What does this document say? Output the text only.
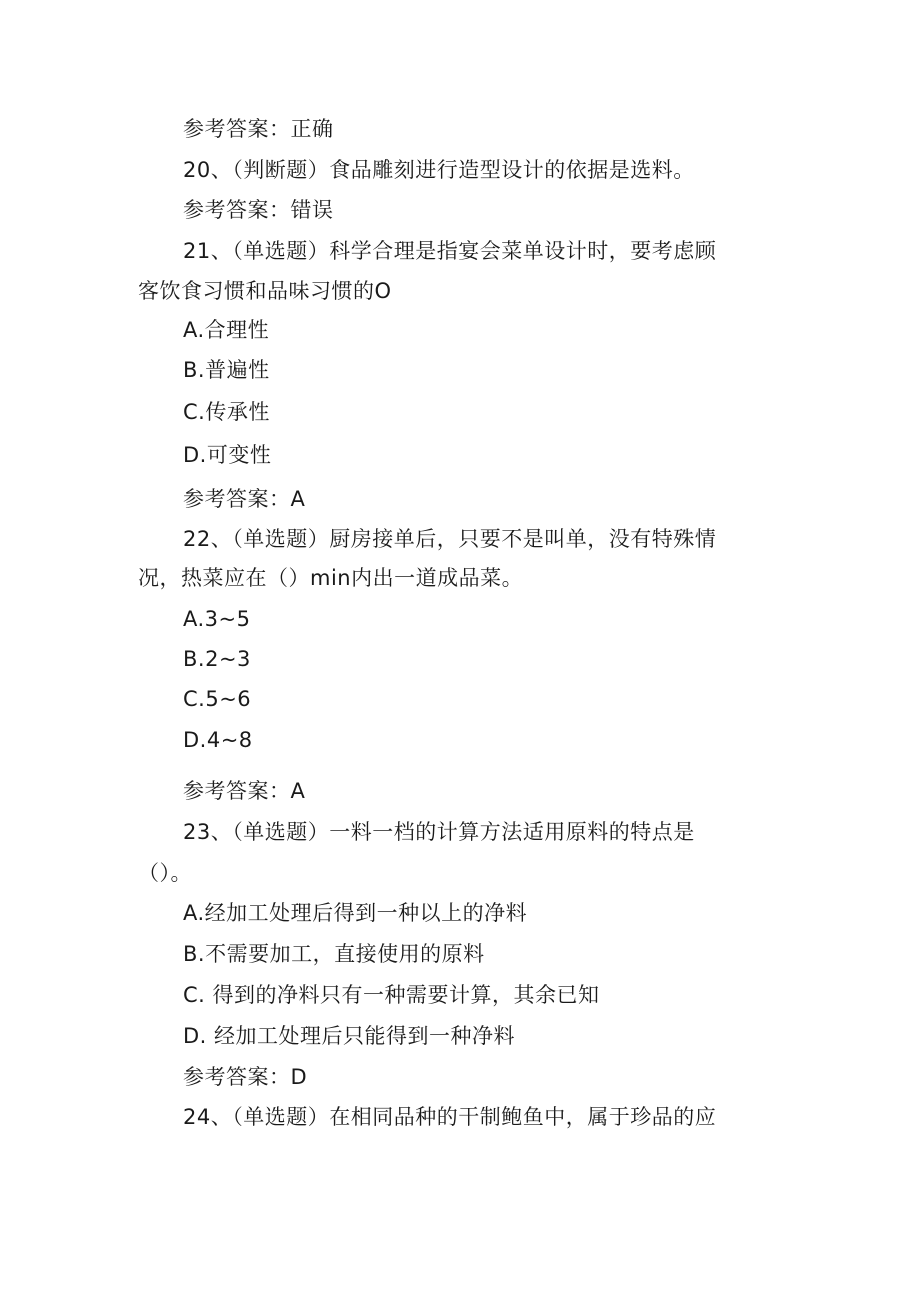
参考答案：正确
20、（判断题）食品雕刻进行造型设计的依据是选料。
参考答案：错误
21、（单选题）科学合理是指宴会菜单设计时，要考虑顾
客饮食习惯和品味习惯的O
A.合理性
B.普遍性
C.传承性
D.可变性
参考答案：A
22、（单选题）厨房接单后，只要不是叫单，没有特殊情
况，热菜应在（）min内出一道成品菜。
A.3~5
B.2~3
C.5~6
D.4~8
参考答案：A
23、（单选题）一料一档的计算方法适用原料的特点是
（）。
A.经加工处理后得到一种以上的净料
B.不需要加工，直接使用的原料
C. 得到的净料只有一种需要计算，其余已知
D. 经加工处理后只能得到一种净料
参考答案：D
24、（单选题）在相同品种的干制鲍鱼中，属于珍品的应
